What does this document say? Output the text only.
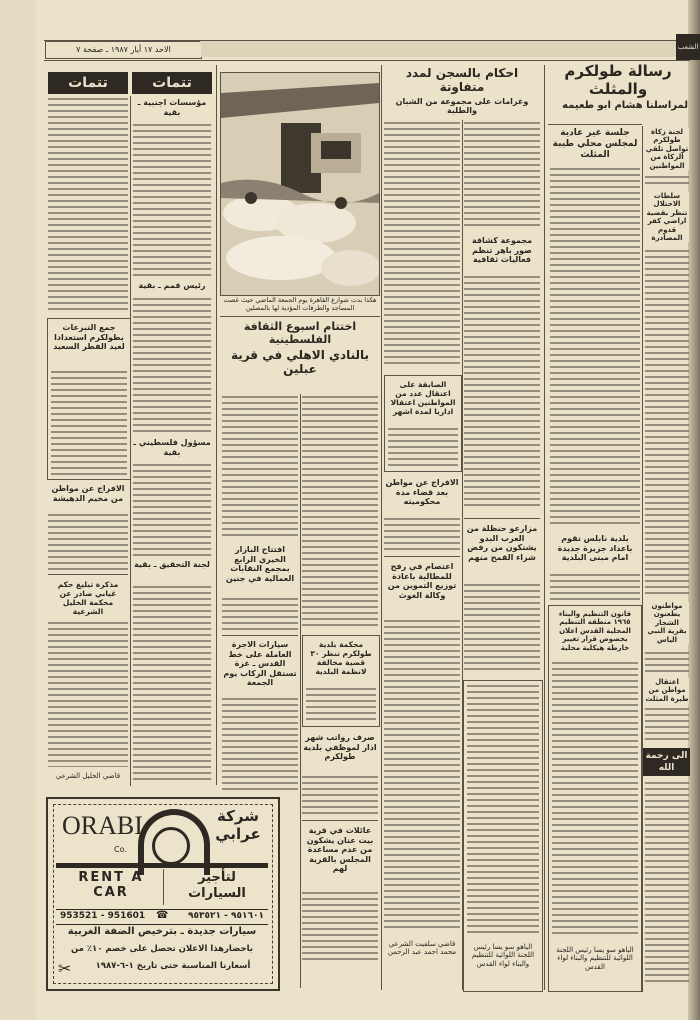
الاحد ١٧ أيار ١٩٨٧ ـ صفحة ٧	الشعب
رسالة طولكرم والمثلث
لمراسلنا هشام ابو طعيمه
جلسة غير عادية لمجلس محلي طيبة المثلث
بلدية نابلس تقوم باعداد جزيرة جديدة امام مبنى البلدية
قانون التنظيم والبناء ١٩٦٥ منطقة التنظيم المحلية القدس اعلان بخصوص قرار تغيير خارطة هيكلية محلية
الياهو سو يسا رئيس اللجنة اللوائية للتنظيم والبناء لواء القدس
لجنة زكاة طولكرم تواصل تلقي الزكاة من المواطنين
سلطات الاحتلال تنظر بقضية اراضي كفر قدوم المصادرة
مواطنون يطعنون الشجار بقرية النبي الياس
اعتقال مواطن من طيرة المثلث
الى رحمة الله
احكام بالسجن لمدد متفاوتة
وغرامات على مجموعة من الشبان والطلبة
مجموعة كشافة صور باهر تنظم فعاليات ثقافية
مزارعو حنظلة من العرب البدو يشتكون من رفض شراء القمح منهم
الياهو سو يسا رئيس اللجنة اللوائية للتنظيم والبناء لواء القدس
الصابقة على اعتقال عدد من المواطنين اعتقالا اداريا لمدة اشهر
الافراج عن مواطن بعد قضاء مدة محكوميته
اعتصام في رفح للمطالبة باعادة توزيع التموين من وكالة الغوث
قاضي سلفيت الشرعي محمد احمد عبد الرحمن
هكذا بدت شوارع القاهرة يوم الجمعة الماضي حيث غصت المساجد والطرقات المؤدية لها بالمصلين
اختتام اسبوع الثقافة الفلسطينية
بالنادي الاهلي في قرية عبلين
افتتاح البازار الخيري الرابع بمجمع النقابات العمالية في جنين
سيارات الاجرة العاملة على خط القدس ـ غزة تستقل الركاب يوم الجمعة
محكمة بلدية طولكرم تنظر ٣٠ قضية مخالفة لانظمة البلدية
صرف رواتب شهر اذار لموظفي بلدية طولكرم
عائلات في قرية بيت عنان يشكون من عدم مساعدة المجلس بالقرية لهم
تتمات
تتمات
مؤسسات اجنبية ـ بقية
رئيس قمم ـ بقية
مسؤول فلسطيني ـ بقية
لجنة التحقيق ـ بقية
جمع التبرعات بطولكرم استعدادا لعيد الفطر السعيد
الافراج عن مواطن من مخيم الدهيشة
مذكرة تبليغ حكم غيابي صادر عن محكمة الخليل الشرعية
قاضي الخليل الشرعي
ORABI
Co.
شركة عرابي
RENT A CAR
لتأجير السيارات
953521 - 951601 ☎ ٩٥١٦٠١ - ٩٥٣٥٢١
سيارات جديدة ـ بترخيص الضفة الغربية
باحضارهذا الاعلان تحصل على خصم ١٠٪ من
أسعارنا المناسبة حتى تاريخ ١-٦-١٩٨٧
✂
